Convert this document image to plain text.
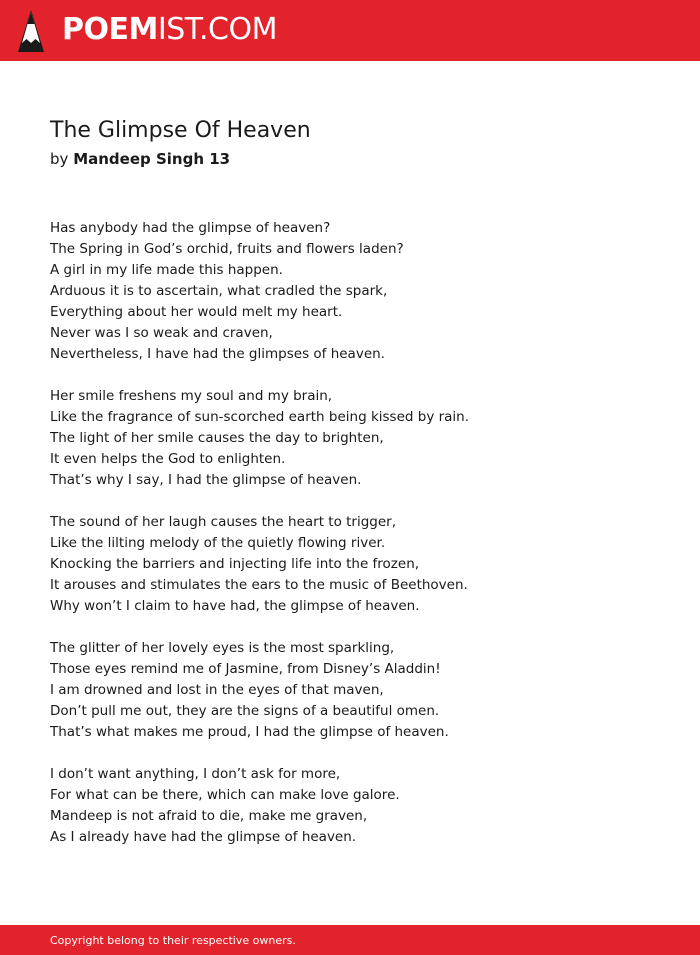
POEMIST.COM
The Glimpse Of Heaven
by Mandeep Singh 13
Has anybody had the glimpse of heaven?
The Spring in God’s orchid, fruits and flowers laden?
A girl in my life made this happen.
Arduous it is to ascertain, what cradled the spark,
Everything about her would melt my heart.
Never was I so weak and craven,
Nevertheless, I have had the glimpses of heaven.
Her smile freshens my soul and my brain,
Like the fragrance of sun-scorched earth being kissed by rain.
The light of her smile causes the day to brighten,
It even helps the God to enlighten.
That’s why I say, I had the glimpse of heaven.
The sound of her laugh causes the heart to trigger,
Like the lilting melody of the quietly flowing river.
Knocking the barriers and injecting life into the frozen,
It arouses and stimulates the ears to the music of Beethoven.
Why won’t I claim to have had, the glimpse of heaven.
The glitter of her lovely eyes is the most sparkling,
Those eyes remind me of Jasmine, from Disney’s Aladdin!
I am drowned and lost in the eyes of that maven,
Don’t pull me out, they are the signs of a beautiful omen.
That’s what makes me proud, I had the glimpse of heaven.
I don’t want anything, I don’t ask for more,
For what can be there, which can make love galore.
Mandeep is not afraid to die, make me graven,
As I already have had the glimpse of heaven.
Copyright belong to their respective owners.
